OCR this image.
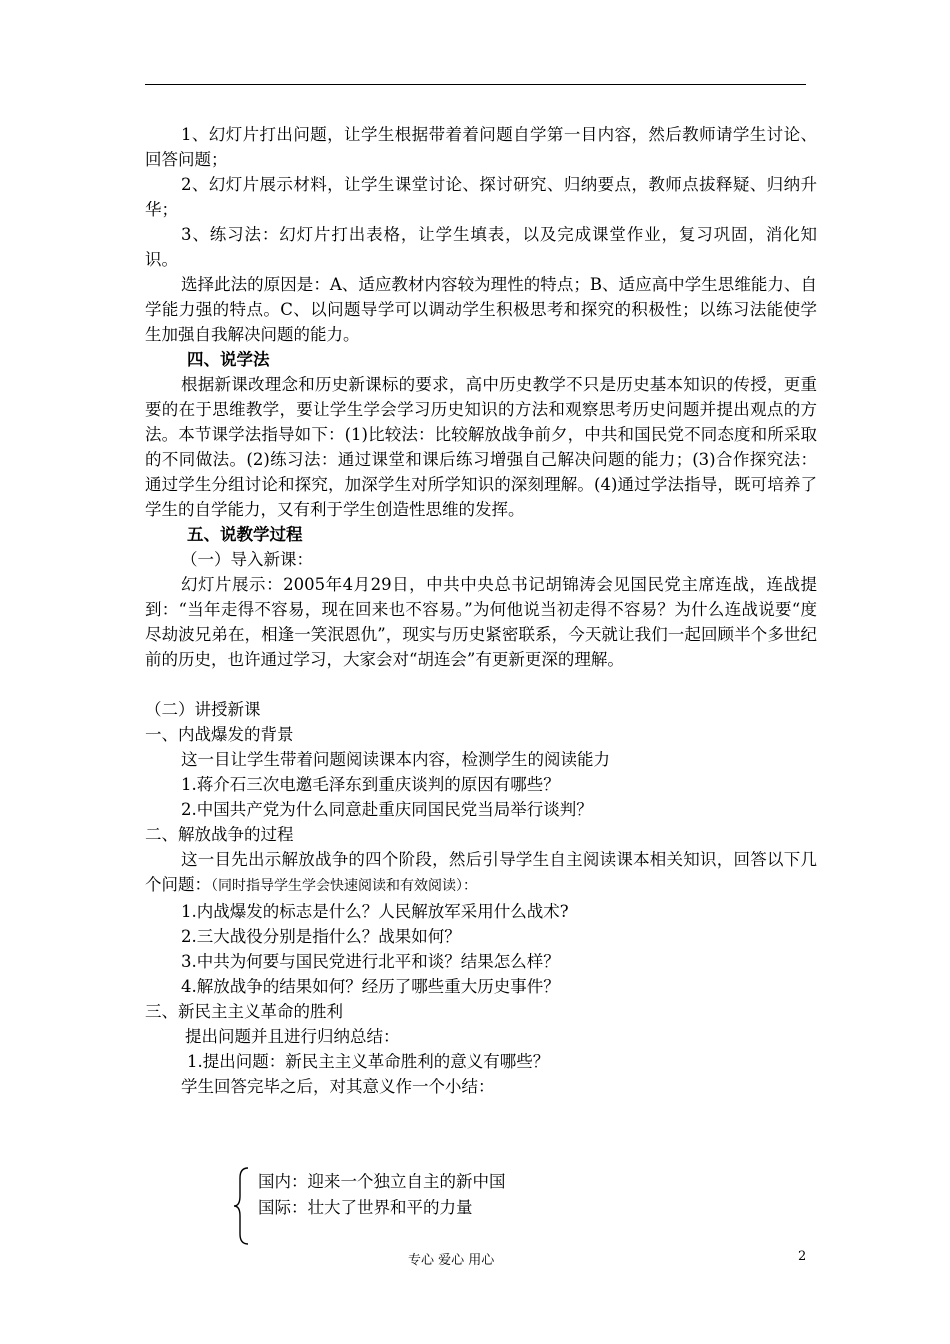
1、幻灯片打出问题，让学生根据带着着问题自学第一目内容，然后教师请学生讨论、回答问题；

2、幻灯片展示材料，让学生课堂讨论、探讨研究、归纳要点，教师点拔释疑、归纳升华；

3、练习法：幻灯片打出表格，让学生填表，以及完成课堂作业，复习巩固，消化知识。

选择此法的原因是：A、适应教材内容较为理性的特点；B、适应高中学生思维能力、自学能力强的特点。C、以问题导学可以调动学生积极思考和探究的积极性；以练习法能使学生加强自我解决问题的能力。

四、说学法

根据新课改理念和历史新课标的要求，高中历史教学不只是历史基本知识的传授，更重要的在于思维教学，要让学生学会学习历史知识的方法和观察思考历史问题并提出观点的方法。本节课学法指导如下：(1)比较法：比较解放战争前夕，中共和国民党不同态度和所采取的不同做法。(2)练习法：通过课堂和课后练习增强自己解决问题的能力；(3)合作探究法：通过学生分组讨论和探究，加深学生对所学知识的深刻理解。(4)通过学法指导，既可培养了学生的自学能力，又有利于学生创造性思维的发挥。

五、说教学过程

（一）导入新课：

幻灯片展示：2005年4月29日，中共中央总书记胡锦涛会见国民党主席连战，连战提到：“当年走得不容易，现在回来也不容易。”为何他说当初走得不容易？为什么连战说要“度尽劫波兄弟在，相逢一笑泯恩仇”，现实与历史紧密联系，今天就让我们一起回顾半个多世纪前的历史，也许通过学习，大家会对“胡连会”有更新更深的理解。

（二）讲授新课

一、内战爆发的背景

这一目让学生带着问题阅读课本内容，检测学生的阅读能力

1.蒋介石三次电邀毛泽东到重庆谈判的原因有哪些？

2.中国共产党为什么同意赴重庆同国民党当局举行谈判？

二、解放战争的过程

这一目先出示解放战争的四个阶段，然后引导学生自主阅读课本相关知识，回答以下几个问题：（同时指导学生学会快速阅读和有效阅读）：

1.内战爆发的标志是什么？人民解放军采用什么战术?

2.三大战役分别是指什么？战果如何？

3.中共为何要与国民党进行北平和谈？结果怎么样？

4.解放战争的结果如何？经历了哪些重大历史事件？

三、新民主主义革命的胜利

提出问题并且进行归纳总结：

1.提出问题：新民主主义革命胜利的意义有哪些？

学生回答完毕之后，对其意义作一个小结：

国内：迎来一个独立自主的新中国
国际：壮大了世界和平的力量
专心 爱心 用心	2
